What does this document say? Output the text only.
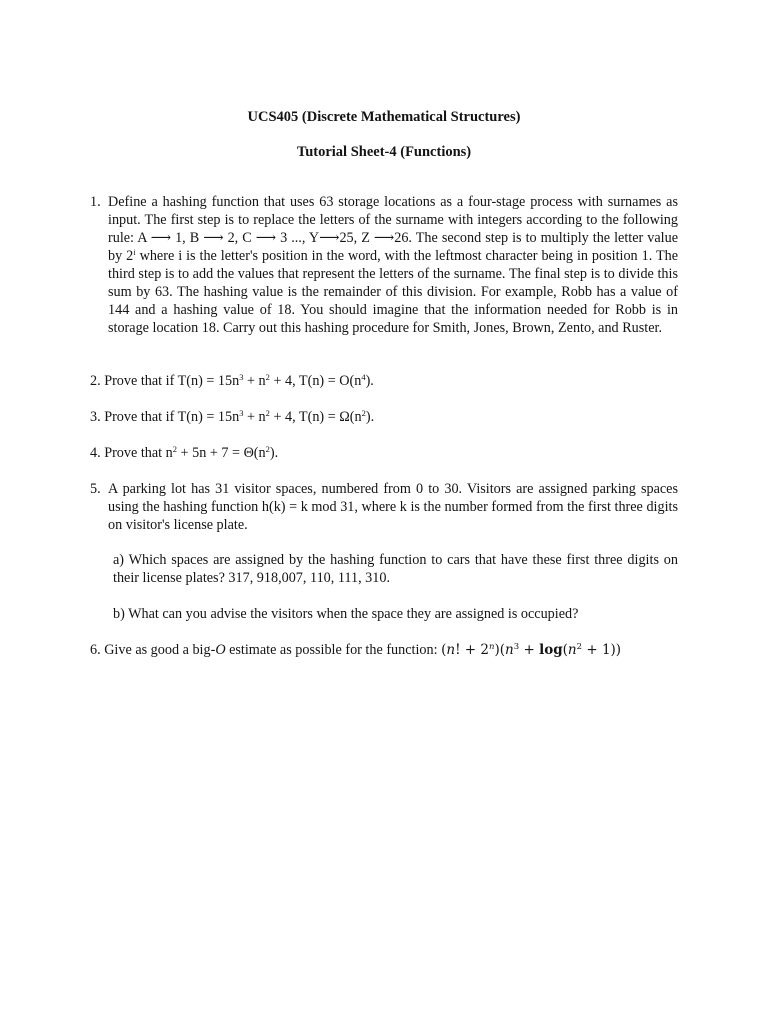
UCS405 (Discrete Mathematical Structures)
Tutorial Sheet-4 (Functions)
1. Define a hashing function that uses 63 storage locations as a four-stage process with surnames as input. The first step is to replace the letters of the surname with integers according to the following rule: A ⟶ 1, B ⟶ 2, C ⟶ 3 ..., Y⟶25, Z ⟶26. The second step is to multiply the letter value by 2$^i$ where i is the letter's position in the word, with the leftmost character being in position 1. The third step is to add the values that represent the letters of the surname. The final step is to divide this sum by 63. The hashing value is the remainder of this division. For example, Robb has a value of 144 and a hashing value of 18. You should imagine that the information needed for Robb is in storage location 18. Carry out this hashing procedure for Smith, Jones, Brown, Zento, and Ruster.
2. Prove that if $T(n) = 15n^3 + n^2 + 4$, $T(n) = O(n^4)$.
3. Prove that if $T(n) = 15n^3 + n^2 + 4$, $T(n) = \Omega(n^2)$.
4. Prove that $n^2 + 5n + 7 = \Theta(n^2)$.
5. A parking lot has 31 visitor spaces, numbered from 0 to 30. Visitors are assigned parking spaces using the hashing function h(k) = k mod 31, where k is the number formed from the first three digits on visitor's license plate.
a) Which spaces are assigned by the hashing function to cars that have these first three digits on their license plates? 317, 918,007, 110, 111, 310.
b) What can you advise the visitors when the space they are assigned is occupied?
6. Give as good a big-O estimate as possible for the function: (n! + $2^n)(n^3 + \log(n^2 + 1))$
